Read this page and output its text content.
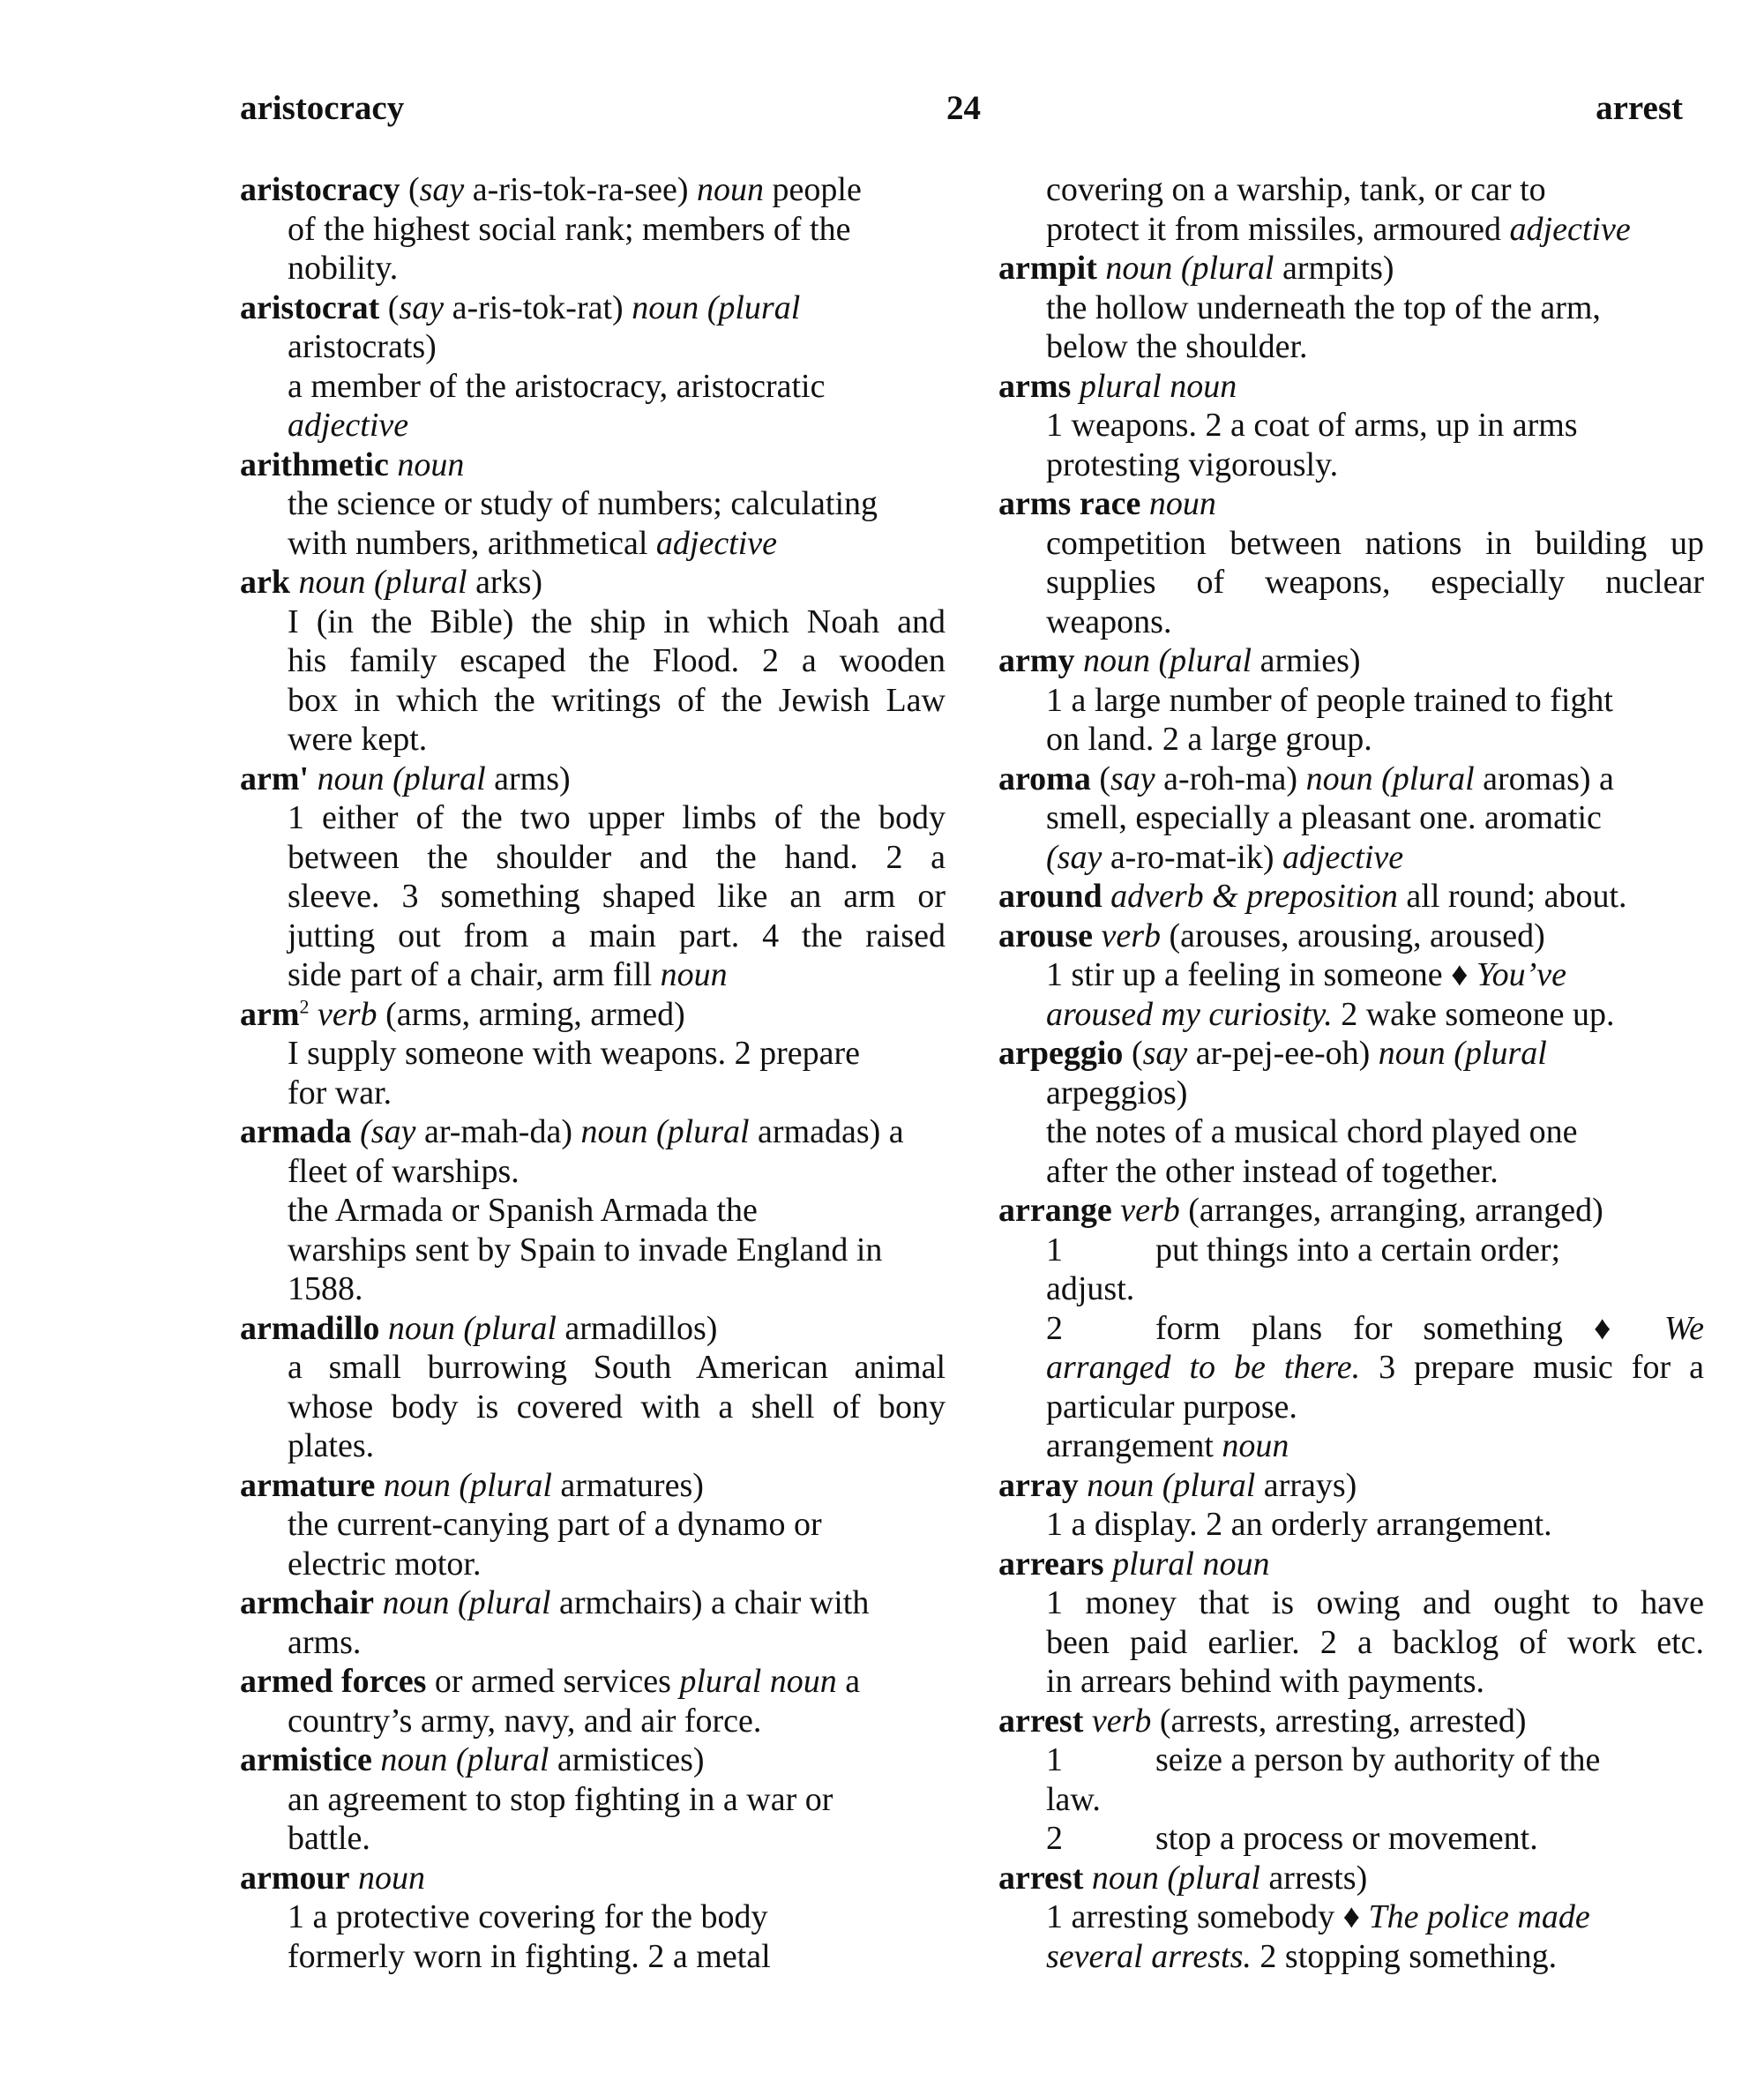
aristocracy	24	arrest
aristocracy (say a-ris-tok-ra-see) noun people
of the highest social rank; members of the
nobility.
aristocrat (say a-ris-tok-rat) noun (plural
aristocrats)
a member of the aristocracy, aristocratic
adjective
arithmetic noun
the science or study of numbers; calculating
with numbers, arithmetical adjective
ark noun (plural arks)
I (in the Bible) the ship in which Noah and
his family escaped the Flood. 2 a wooden
box in which the writings of the Jewish Law
were kept.
arm' noun (plural arms)
1 either of the two upper limbs of the body
between the shoulder and the hand. 2 a
sleeve. 3 something shaped like an arm or
jutting out from a main part. 4 the raised
side part of a chair, arm fill noun
arm$^2$ verb (arms, arming, armed)
I supply someone with weapons. 2 prepare
for war.
armada (say ar-mah-da) noun (plural armadas) a
fleet of warships.
the Armada or Spanish Armada the
warships sent by Spain to invade England in
1588.
armadillo noun (plural armadillos)
a small burrowing South American animal
whose body is covered with a shell of bony
plates.
armature noun (plural armatures)
the current-canying part of a dynamo or
electric motor.
armchair noun (plural armchairs) a chair with
arms.
armed forces or armed services plural noun a
country’s army, navy, and air force.
armistice noun (plural armistices)
an agreement to stop fighting in a war or
battle.
armour noun
1 a protective covering for the body
formerly worn in fighting. 2 a metal
covering on a warship, tank, or car to
protect it from missiles, armoured adjective
armpit noun (plural armpits)
the hollow underneath the top of the arm,
below the shoulder.
arms plural noun
1 weapons. 2 a coat of arms, up in arms
protesting vigorously.
arms race noun
competition between nations in building up
supplies of weapons, especially nuclear
weapons.
army noun (plural armies)
1 a large number of people trained to fight
on land. 2 a large group.
aroma (say a-roh-ma) noun (plural aromas) a
smell, especially a pleasant one. aromatic
(say a-ro-mat-ik) adjective
around adverb & preposition all round; about.
arouse verb (arouses, arousing, aroused)
1 stir up a feeling in someone ♦ You’ve
aroused my curiosity. 2 wake someone up.
arpeggio (say ar-pej-ee-oh) noun (plural
arpeggios)
the notes of a musical chord played one
after the other instead of together.
arrange verb (arranges, arranging, arranged)
1	put things into a certain order;
adjust.
2	form plans for something ♦ We
arranged to be there. 3 prepare music for a
particular purpose.
arrangement noun
array noun (plural arrays)
1 a display. 2 an orderly arrangement.
arrears plural noun
1 money that is owing and ought to have
been paid earlier. 2 a backlog of work etc.
in arrears behind with payments.
arrest verb (arrests, arresting, arrested)
1	seize a person by authority of the
law.
2	stop a process or movement.
arrest noun (plural arrests)
1 arresting somebody ♦ The police made
several arrests. 2 stopping something.
